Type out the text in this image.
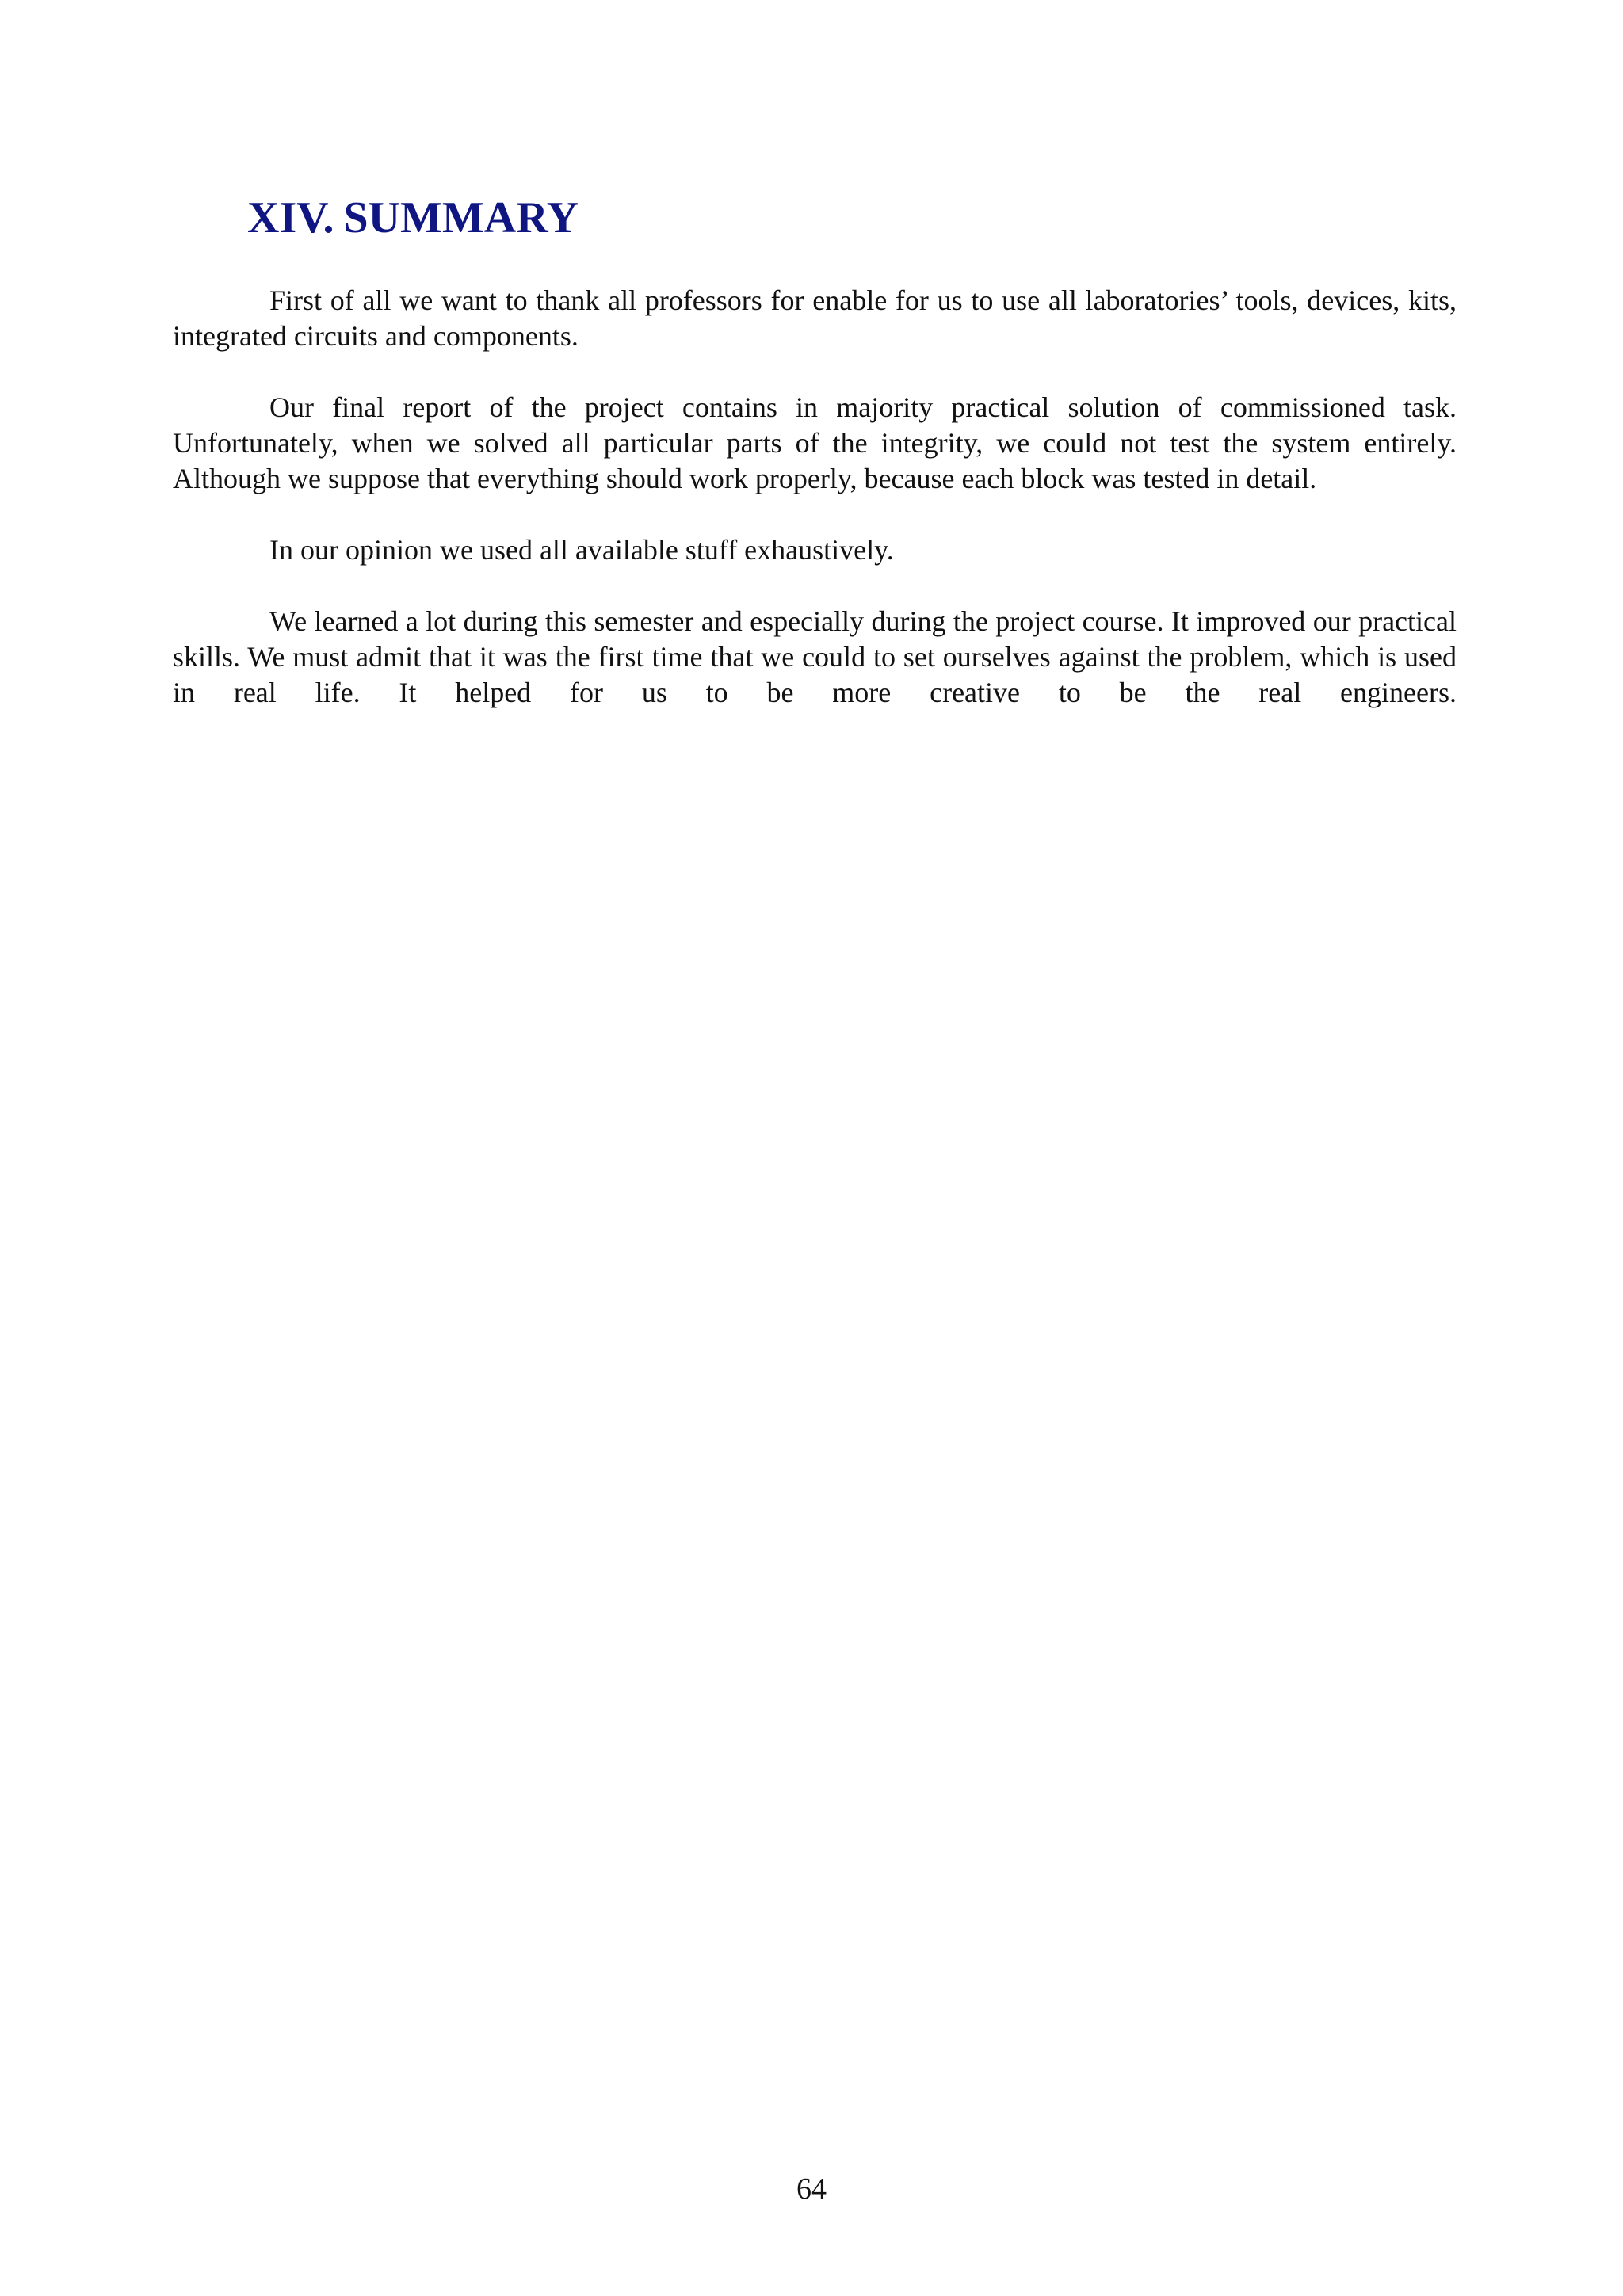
XIV. SUMMARY

First of all we want to thank all professors for enable for us to use all laboratories’ tools, devices, kits, integrated circuits and components.

Our final report of the project contains in majority practical solution of commissioned task. Unfortunately, when we solved all particular parts of the integrity, we could not test the system entirely. Although we suppose that everything should work properly, because each block was tested in detail.

In our opinion we used all available stuff exhaustively.

We learned a lot during this semester and especially during the project course. It improved our practical skills. We must admit that it was the first time that we could to set ourselves against the problem, which is used in real life. It helped for us to be more creative to be the real engineers.

64
